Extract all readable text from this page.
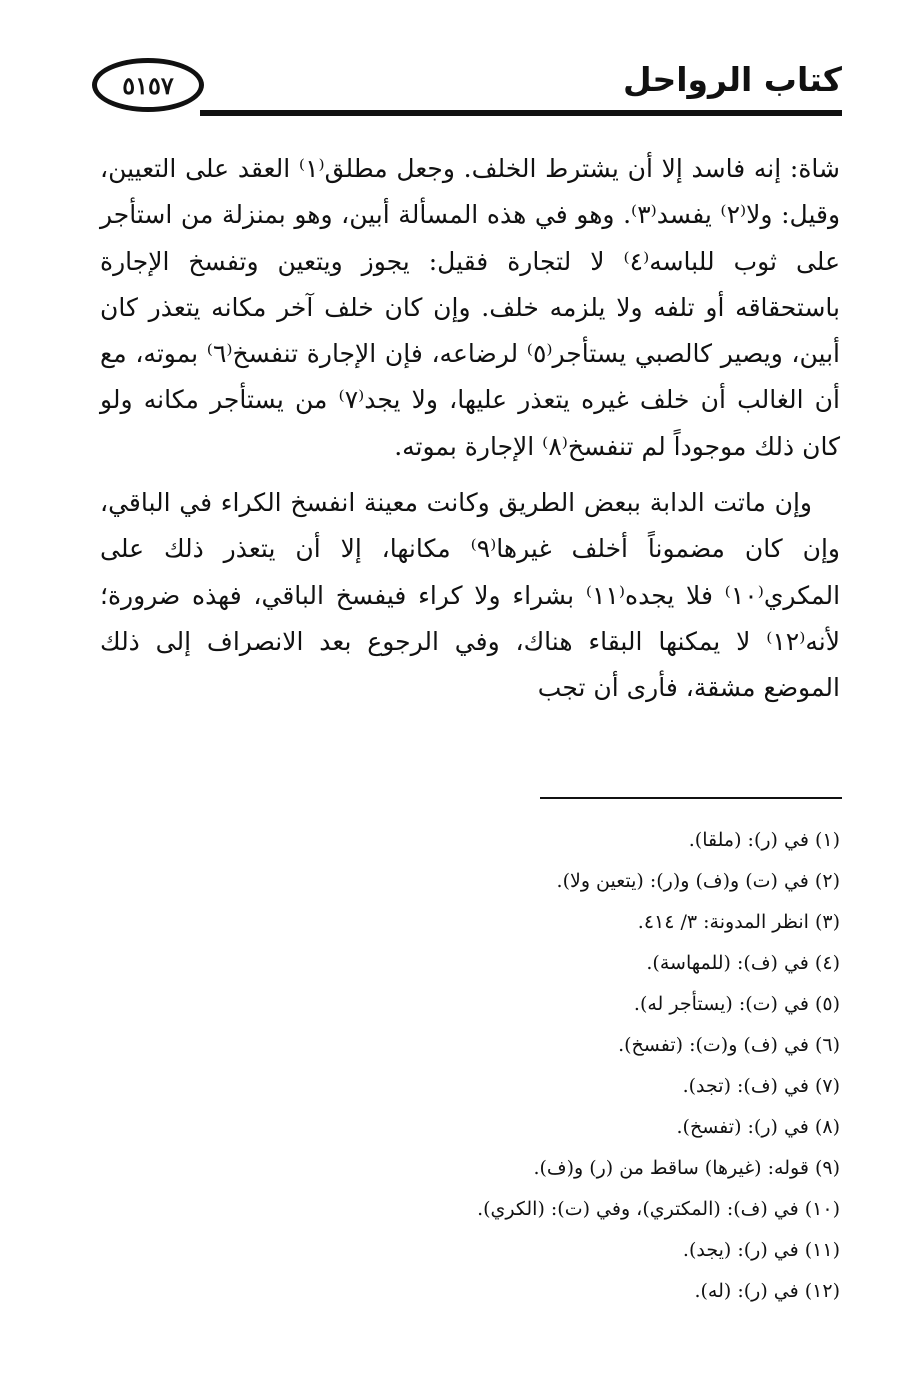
كتاب الرواحل
٥١٥٧

شاة: إنه فاسد إلا أن يشترط الخلف. وجعل مطلق⁽١⁾ العقد على التعيين، وقيل: ولا⁽٢⁾ يفسد⁽٣⁾. وهو في هذه المسألة أبين، وهو بمنزلة من استأجر على ثوب للباسه⁽٤⁾ لا لتجارة فقيل: يجوز ويتعين وتفسخ الإجارة باستحقاقه أو تلفه ولا يلزمه خلف. وإن كان خلف آخر مكانه يتعذر كان أبين، ويصير كالصبي يستأجر⁽٥⁾ لرضاعه، فإن الإجارة تنفسخ⁽٦⁾ بموته، مع أن الغالب أن خلف غيره يتعذر عليها، ولا يجد⁽٧⁾ من يستأجر مكانه ولو كان ذلك موجوداً لم تنفسخ⁽٨⁾ الإجارة بموته.

وإن ماتت الدابة ببعض الطريق وكانت معينة انفسخ الكراء في الباقي، وإن كان مضموناً أخلف غيرها⁽٩⁾ مكانها، إلا أن يتعذر ذلك على المكري⁽١٠⁾ فلا يجده⁽١١⁾ بشراء ولا كراء فيفسخ الباقي، فهذه ضرورة؛ لأنه⁽١٢⁾ لا يمكنها البقاء هناك، وفي الرجوع بعد الانصراف إلى ذلك الموضع مشقة، فأرى أن تجب

(١) في (ر): (ملقا).
(٢) في (ت) و(ف) و(ر): (يتعين ولا).
(٣) انظر المدونة: ٣/ ٤١٤.
(٤) في (ف): (للمهاسة).
(٥) في (ت): (يستأجر له).
(٦) في (ف) و(ت): (تفسخ).
(٧) في (ف): (تجد).
(٨) في (ر): (تفسخ).
(٩) قوله: (غيرها) ساقط من (ر) و(ف).
(١٠) في (ف): (المكتري)، وفي (ت): (الكري).
(١١) في (ر): (يجد).
(١٢) في (ر): (له).
